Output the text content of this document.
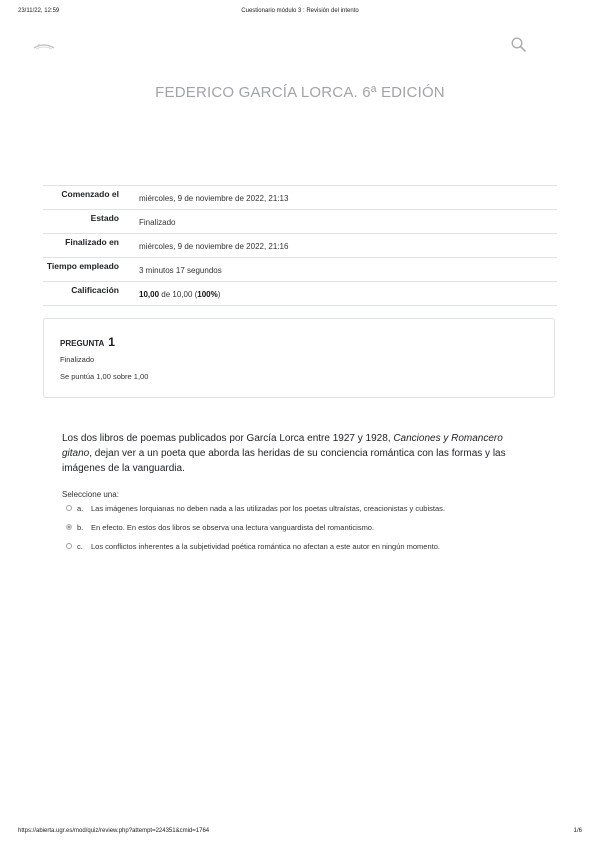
23/11/22, 12:59	Cuestionario módulo 3 : Revisión del intento
FEDERICO GARCÍA LORCA. 6ª EDICIÓN
Comenzado el	miércoles, 9 de noviembre de 2022, 21:13
Estado	Finalizado
Finalizado en	miércoles, 9 de noviembre de 2022, 21:16
Tiempo empleado	3 minutos 17 segundos
Calificación	10,00 de 10,00 (100%)
PREGUNTA 1
Finalizado
Se puntúa 1,00 sobre 1,00
Los dos libros de poemas publicados por García Lorca entre 1927 y 1928, Canciones y Romancero gitano, dejan ver a un poeta que aborda las heridas de su conciencia romántica con las formas y las imágenes de la vanguardia.
Seleccione una:
a. Las imágenes lorquianas no deben nada a las utilizadas por los poetas ultraístas, creacionistas y cubistas.
b. En efecto. En estos dos libros se observa una lectura vanguardista del romanticismo.
c. Los conflictos inherentes a la subjetividad poética romántica no afectan a este autor en ningún momento.
https://abierta.ugr.es/mod/quiz/review.php?attempt=224351&cmid=1764	1/6
